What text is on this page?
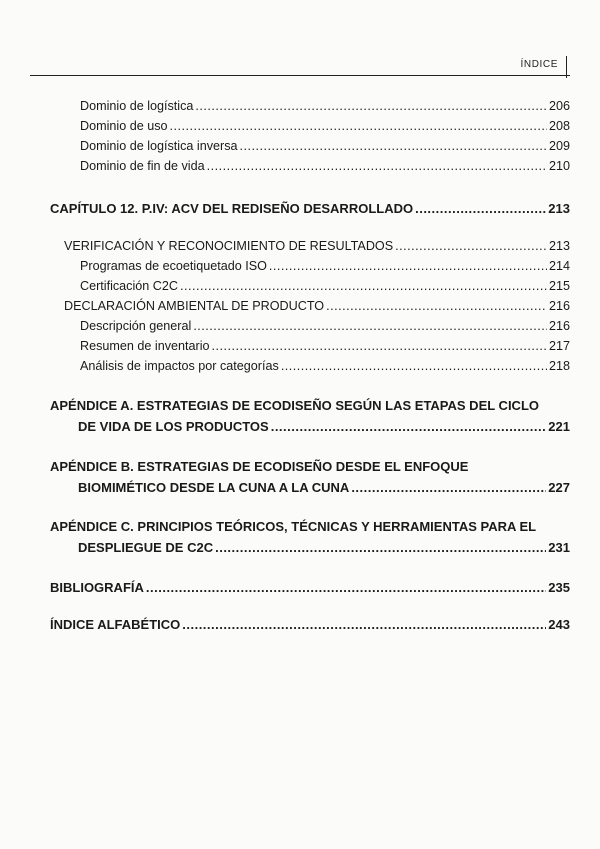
ÍNDICE
Dominio de logística .....	206
Dominio de uso .....	208
Dominio de logística inversa .....	209
Dominio de fin de vida .....	210
CAPÍTULO 12. P.IV: ACV DEL REDISEÑO DESARROLLADO .....	213
VERIFICACIÓN Y RECONOCIMIENTO DE RESULTADOS .....	213
Programas de ecoetiquetado ISO .....	214
Certificación C2C .....	215
DECLARACIÓN AMBIENTAL DE PRODUCTO .....	216
Descripción general .....	216
Resumen de inventario .....	217
Análisis de impactos por categorías .....	218
APÉNDICE A. ESTRATEGIAS DE ECODISEÑO SEGÚN LAS ETAPAS DEL CICLO
DE VIDA DE LOS PRODUCTOS .....	221
APÉNDICE B. ESTRATEGIAS DE ECODISEÑO DESDE EL ENFOQUE
BIOMIMÉTICO DESDE LA CUNA A LA CUNA .....	227
APÉNDICE C. PRINCIPIOS TEÓRICOS, TÉCNICAS Y HERRAMIENTAS PARA EL
DESPLIEGUE DE C2C .....	231
BIBLIOGRAFÍA .....	235
ÍNDICE ALFABÉTICO .....	243
